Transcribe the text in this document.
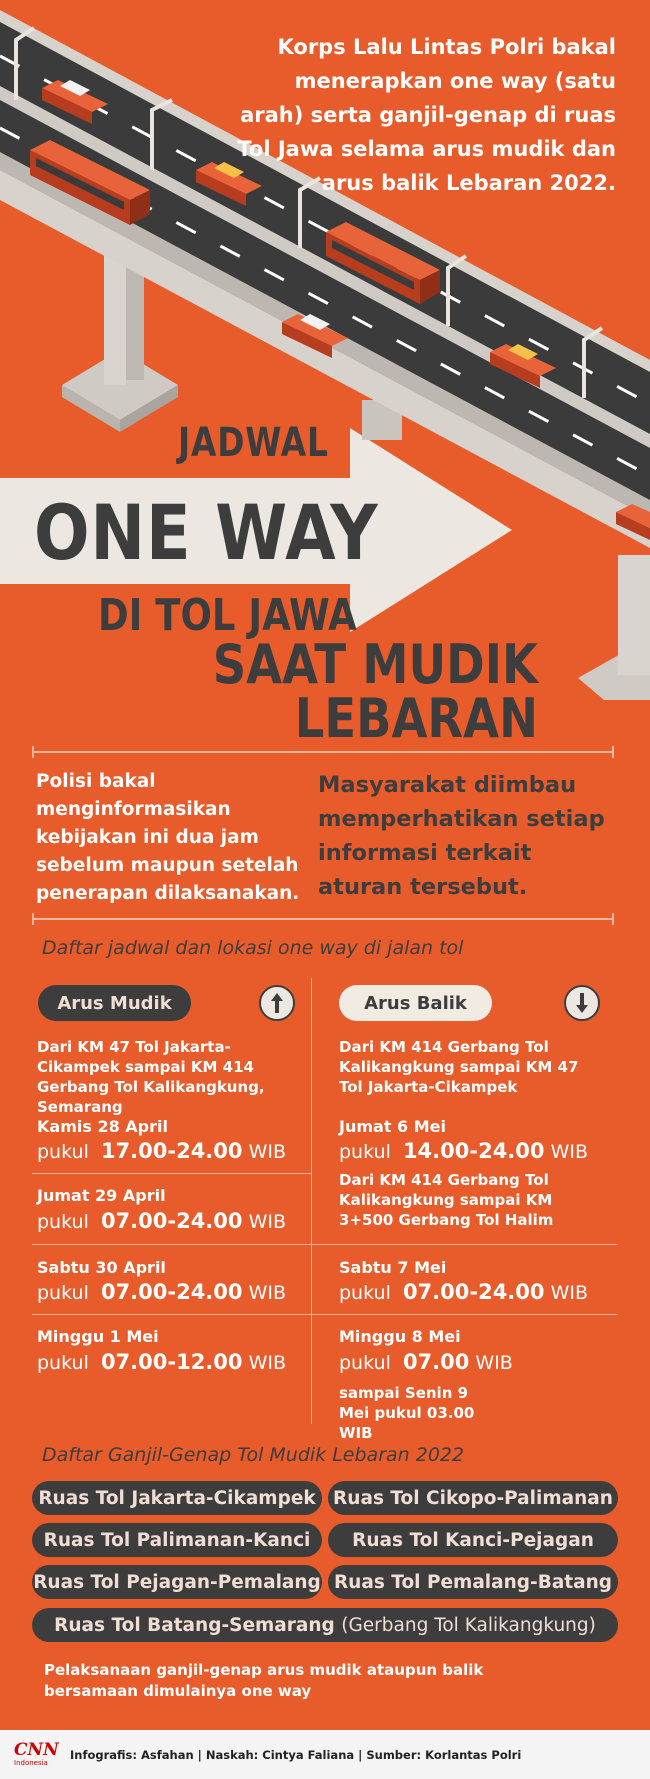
Korps Lalu Lintas Polri bakal menerapkan one way (satu arah) serta ganjil-genap di ruas Tol Jawa selama arus mudik dan arus balik Lebaran 2022.
JADWAL
ONE WAY
DI TOL JAWA
SAAT MUDIK
LEBARAN
Polisi bakal menginformasikan kebijakan ini dua jam sebelum maupun setelah penerapan dilaksanakan.
Masyarakat diimbau memperhatikan setiap informasi terkait aturan tersebut.
Daftar jadwal dan lokasi one way di jalan tol
Arus Mudik	Arus Balik
Dari KM 47 Tol Jakarta-Cikampek sampai KM 414 Gerbang Tol Kalikangkung, Semarang
Kamis 28 April
pukul 17.00-24.00 WIB
Jumat 29 April
pukul 07.00-24.00 WIB
Sabtu 30 April
pukul 07.00-24.00 WIB
Minggu 1 Mei
pukul 07.00-12.00 WIB
Dari KM 414 Gerbang Tol Kalikangkung sampai KM 47 Tol Jakarta-Cikampek
Jumat 6 Mei
pukul 14.00-24.00 WIB
Dari KM 414 Gerbang Tol Kalikangkung sampai KM 3+500 Gerbang Tol Halim
Sabtu 7 Mei
pukul 07.00-24.00 WIB
Minggu 8 Mei
pukul 07.00 WIB
sampai Senin 9 Mei pukul 03.00 WIB
Daftar Ganjil-Genap Tol Mudik Lebaran 2022
Ruas Tol Jakarta-Cikampek Ruas Tol Cikopo-Palimanan
Ruas Tol Palimanan-Kanci	Ruas Tol Kanci-Pejagan
Ruas Tol Pejagan-Pemalang Ruas Tol Pemalang-Batang
Ruas Tol Batang-Semarang
(Gerbang Tol Kalikangkung)
Pelaksanaan ganjil-genap arus mudik ataupun balik bersamaan dimulainya one way
CNN
Indonesia
Infografis: Asfahan | Naskah: Cintya Faliana | Sumber: Korlantas Polri
